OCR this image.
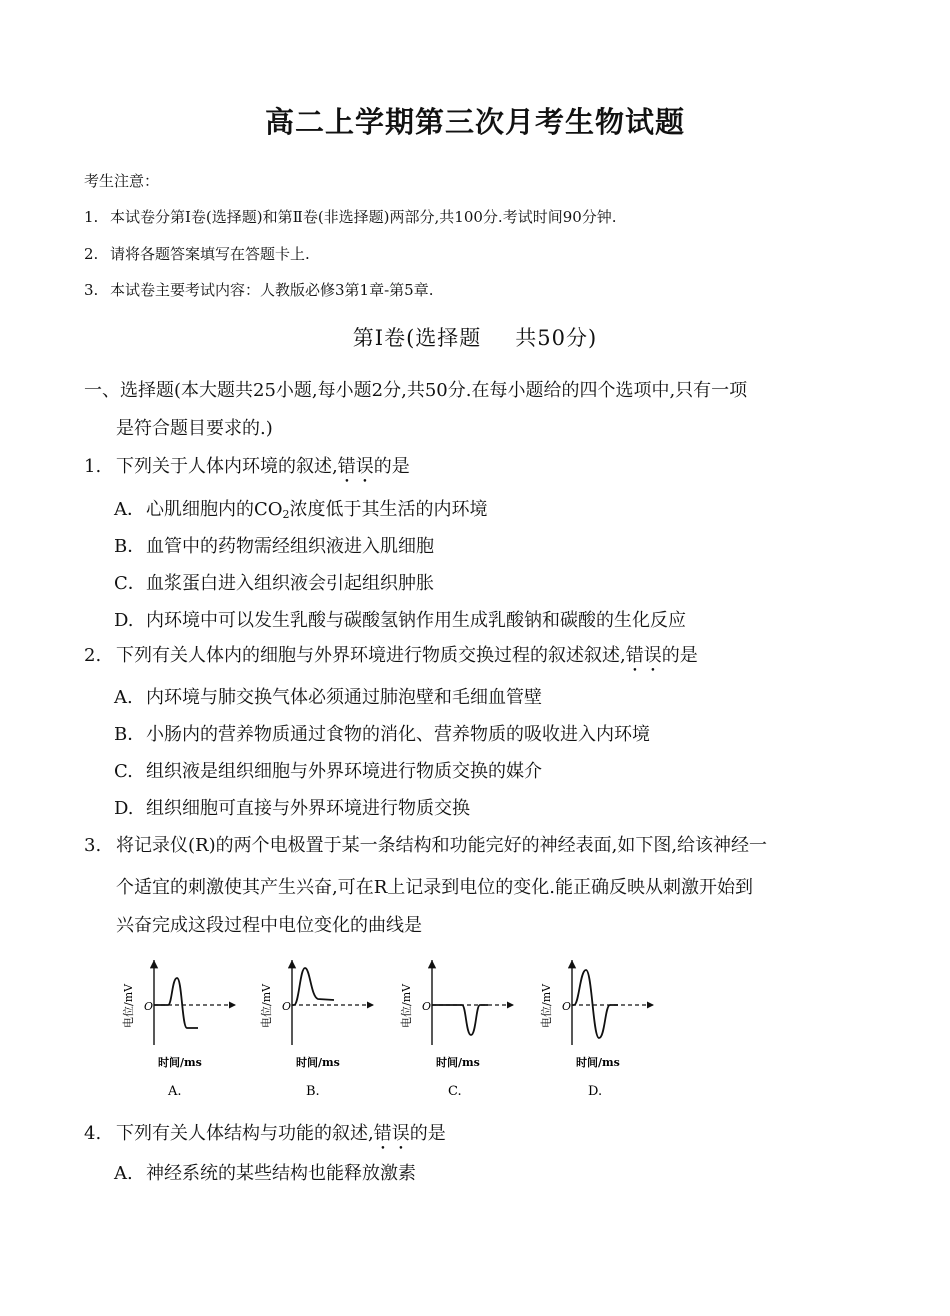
高二上学期第三次月考生物试题
考生注意：
1. 本试卷分第Ⅰ卷(选择题)和第Ⅱ卷(非选择题)两部分,共100分.考试时间90分钟.
2. 请将各题答案填写在答题卡上.
3. 本试卷主要考试内容：人教版必修3第1章-第5章.
第Ⅰ卷(选择题 共50分)
一、选择题(本大题共25小题,每小题2分,共50分.在每小题给的四个选项中,只有一项
是符合题目要求的.)
1. 下列关于人体内环境的叙述,错误的是
A．心肌细胞内的$CO_2$浓度低于其生活的内环境
B．血管中的药物需经组织液进入肌细胞
C．血浆蛋白进入组织液会引起组织肿胀
D. 内环境中可以发生乳酸与碳酸氢钠作用生成乳酸钠和碳酸的生化反应
2. 下列有关人体内的细胞与外界环境进行物质交换过程的叙述叙述,错误的是
A. 内环境与肺交换气体必须通过肺泡壁和毛细血管壁
B．小肠内的营养物质通过食物的消化、营养物质的吸收进入内环境
C. 组织液是组织细胞与外界环境进行物质交换的媒介
D. 组织细胞可直接与外界环境进行物质交换
3. 将记录仪(R)的两个电极置于某一条结构和功能完好的神经表面,如下图,给该神经一
个适宜的刺激使其产生兴奋,可在R上记录到电位的变化.能正确反映从刺激开始到
兴奋完成这段过程中电位变化的曲线是
电位/mV O
时间/ms
A.
电位/mV O
时间/ms
B.
电位/mV O
时间/ms
C.
电位/mV O
时间/ms
D.
4. 下列有关人体结构与功能的叙述,错误的是
A. 神经系统的某些结构也能释放激素
